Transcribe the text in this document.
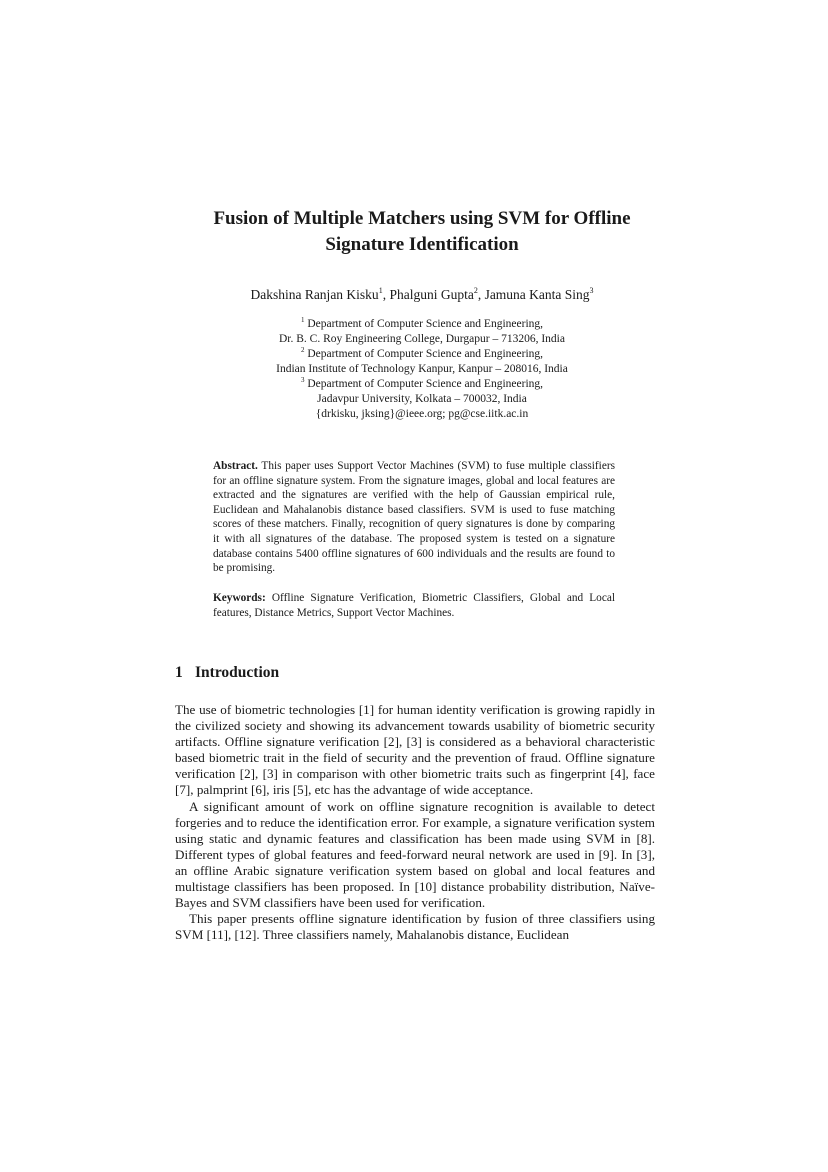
Fusion of Multiple Matchers using SVM for Offline
Signature Identification
Dakshina Ranjan Kisku$^1$, Phalguni Gupta$^2$, Jamuna Kanta Sing$^3$
$^1$ Department of Computer Science and Engineering,
Dr. B. C. Roy Engineering College, Durgapur – 713206, India
$^2$ Department of Computer Science and Engineering,
Indian Institute of Technology Kanpur, Kanpur – 208016, India
$^3$ Department of Computer Science and Engineering,
Jadavpur University, Kolkata – 700032, India
{drkisku, jksing}@ieee.org; pg@cse.iitk.ac.in
Abstract. This paper uses Support Vector Machines (SVM) to fuse multiple classifiers for an offline signature system. From the signature images, global and local features are extracted and the signatures are verified with the help of Gaussian empirical rule, Euclidean and Mahalanobis distance based classifiers. SVM is used to fuse matching scores of these matchers. Finally, recognition of query signatures is done by comparing it with all signatures of the database. The proposed system is tested on a signature database contains 5400 offline signatures of 600 individuals and the results are found to be promising.
Keywords: Offline Signature Verification, Biometric Classifiers, Global and Local features, Distance Metrics, Support Vector Machines.
1 Introduction

The use of biometric technologies [1] for human identity verification is growing rapidly in the civilized society and showing its advancement towards usability of biometric security artifacts. Offline signature verification [2], [3] is considered as a behavioral characteristic based biometric trait in the field of security and the prevention of fraud. Offline signature verification [2], [3] in comparison with other biometric traits such as fingerprint [4], face [7], palmprint [6], iris [5], etc has the advantage of wide acceptance.

A significant amount of work on offline signature recognition is available to detect forgeries and to reduce the identification error. For example, a signature verification system using static and dynamic features and classification has been made using SVM in [8]. Different types of global features and feed-forward neural network are used in [9]. In [3], an offline Arabic signature verification system based on global and local features and multistage classifiers has been proposed. In [10] distance probability distribution, Naïve-Bayes and SVM classifiers have been used for verification.

This paper presents offline signature identification by fusion of three classifiers using SVM [11], [12]. Three classifiers namely, Mahalanobis distance, Euclidean
